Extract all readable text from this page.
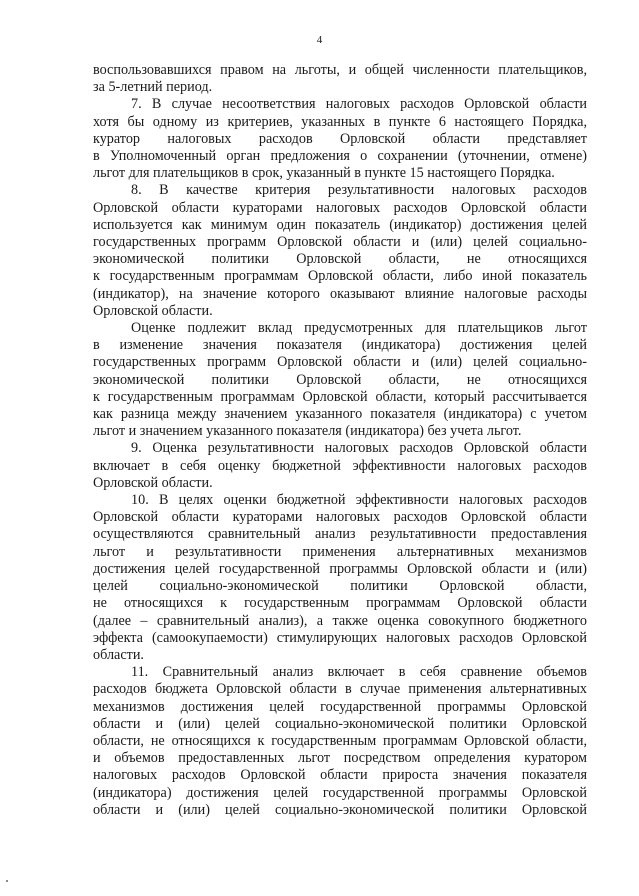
4

воспользовавшихся правом на льготы, и общей численности плательщиков,
за 5-летний период.

7. В случае несоответствия налоговых расходов Орловской области
хотя бы одному из критериев, указанных в пункте 6 настоящего Порядка,
куратор налоговых расходов Орловской области представляет
в Уполномоченный орган предложения о сохранении (уточнении, отмене)
льгот для плательщиков в срок, указанный в пункте 15 настоящего Порядка.

8. В качестве критерия результативности налоговых расходов
Орловской области кураторами налоговых расходов Орловской области
используется как минимум один показатель (индикатор) достижения целей
государственных программ Орловской области и (или) целей социально-
экономической политики Орловской области, не относящихся
к государственным программам Орловской области, либо иной показатель
(индикатор), на значение которого оказывают влияние налоговые расходы
Орловской области.

Оценке подлежит вклад предусмотренных для плательщиков льгот
в изменение значения показателя (индикатора) достижения целей
государственных программ Орловской области и (или) целей социально-
экономической политики Орловской области, не относящихся
к государственным программам Орловской области, который рассчитывается
как разница между значением указанного показателя (индикатора) с учетом
льгот и значением указанного показателя (индикатора) без учета льгот.

9. Оценка результативности налоговых расходов Орловской области
включает в себя оценку бюджетной эффективности налоговых расходов
Орловской области.

10. В целях оценки бюджетной эффективности налоговых расходов
Орловской области кураторами налоговых расходов Орловской области
осуществляются сравнительный анализ результативности предоставления
льгот и результативности применения альтернативных механизмов
достижения целей государственной программы Орловской области и (или)
целей социально-экономической политики Орловской области,
не относящихся к государственным программам Орловской области
(далее – сравнительный анализ), а также оценка совокупного бюджетного
эффекта (самоокупаемости) стимулирующих налоговых расходов Орловской
области.

11. Сравнительный анализ включает в себя сравнение объемов
расходов бюджета Орловской области в случае применения альтернативных
механизмов достижения целей государственной программы Орловской
области и (или) целей социально-экономической политики Орловской
области, не относящихся к государственным программам Орловской области,
и объемов предоставленных льгот посредством определения куратором
налоговых расходов Орловской области прироста значения показателя
(индикатора) достижения целей государственной программы Орловской
области и (или) целей социально-экономической политики Орловской
